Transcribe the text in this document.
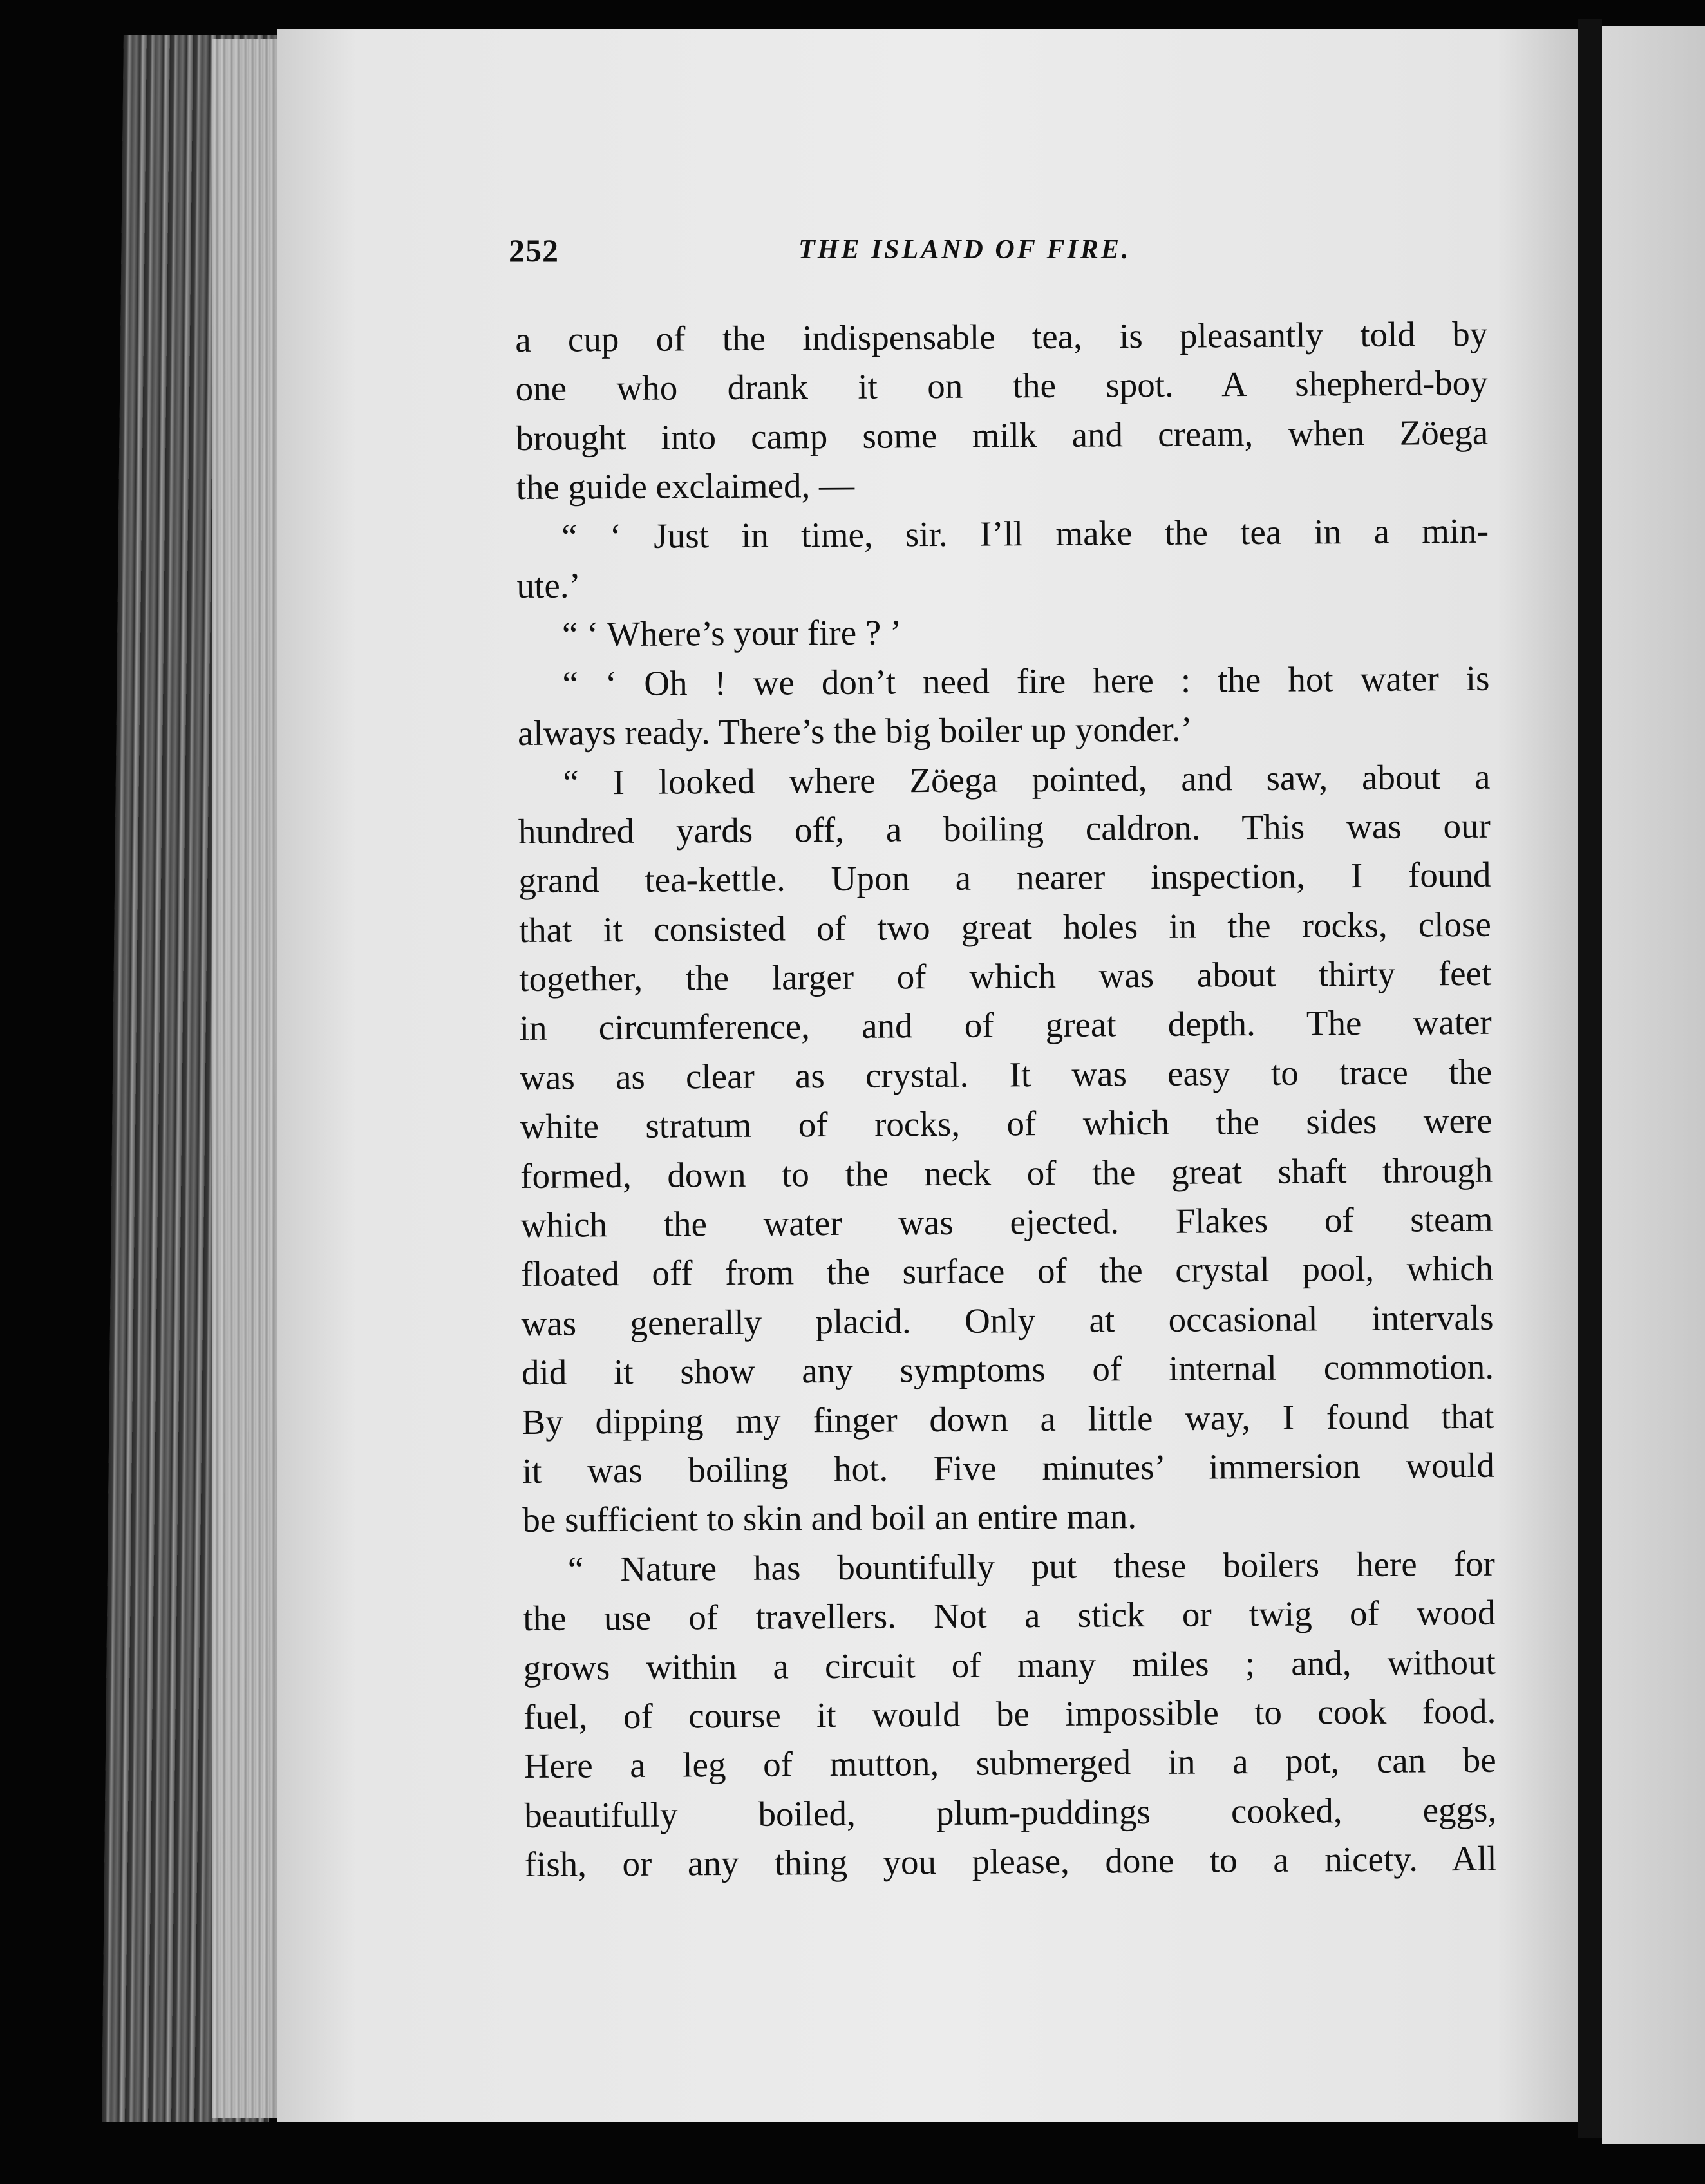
252	THE ISLAND OF FIRE.
a cup of the indispensable tea, is pleasantly told by
one who drank it on the spot. A shepherd-boy
brought into camp some milk and cream, when Zöega
the guide exclaimed, —
“ ‘ Just in time, sir. I’ll make the tea in a min-
ute.’
“ ‘ Where’s your fire ? ’
“ ‘ Oh ! we don’t need fire here : the hot water is
always ready. There’s the big boiler up yonder.’
“ I looked where Zöega pointed, and saw, about a
hundred yards off, a boiling caldron. This was our
grand tea-kettle. Upon a nearer inspection, I found
that it consisted of two great holes in the rocks, close
together, the larger of which was about thirty feet
in circumference, and of great depth. The water
was as clear as crystal. It was easy to trace the
white stratum of rocks, of which the sides were
formed, down to the neck of the great shaft through
which the water was ejected. Flakes of steam
floated off from the surface of the crystal pool, which
was generally placid. Only at occasional intervals
did it show any symptoms of internal commotion.
By dipping my finger down a little way, I found that
it was boiling hot. Five minutes’ immersion would
be sufficient to skin and boil an entire man.
“ Nature has bountifully put these boilers here for
the use of travellers. Not a stick or twig of wood
grows within a circuit of many miles ; and, without
fuel, of course it would be impossible to cook food.
Here a leg of mutton, submerged in a pot, can be
beautifully boiled, plum-puddings cooked, eggs,
fish, or any thing you please, done to a nicety. All
